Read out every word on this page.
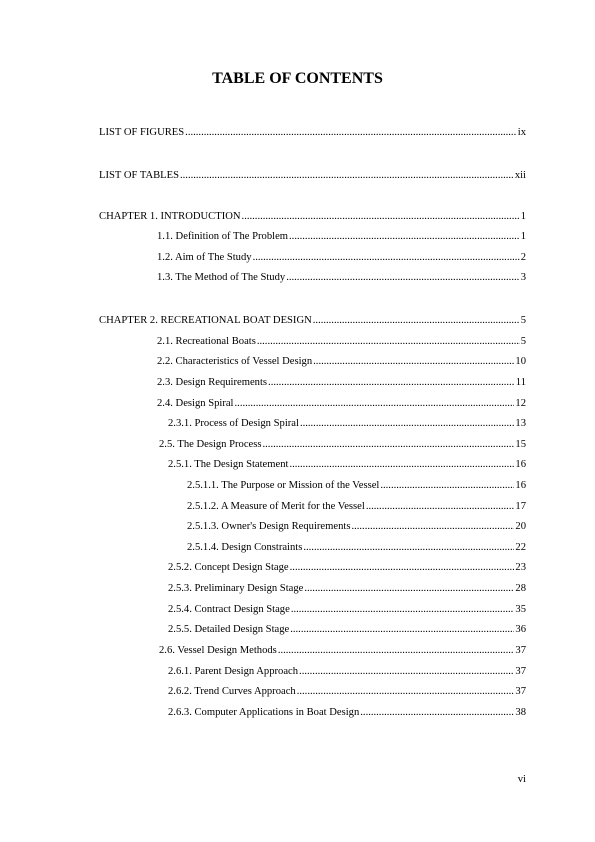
TABLE OF CONTENTS
LIST OF FIGURES .....	ix
LIST OF TABLES .....	xii
CHAPTER 1. INTRODUCTION .....	1
1.1. Definition of The Problem .....	1
1.2. Aim of The Study .....	2
1.3. The Method of The Study .....	3
CHAPTER 2. RECREATIONAL BOAT DESIGN .....	5
2.1. Recreational Boats .....	5
2.2. Characteristics of Vessel Design .....	10
2.3. Design Requirements .....	11
2.4. Design Spiral .....	12
2.3.1. Process of Design Spiral .....	13
2.5. The Design Process .....	15
2.5.1. The Design Statement .....	16
2.5.1.1. The Purpose or Mission of the Vessel .....	16
2.5.1.2. A Measure of Merit for the Vessel .....	17
2.5.1.3. Owner's Design Requirements .....	20
2.5.1.4. Design Constraints .....	22
2.5.2. Concept Design Stage .....	23
2.5.3. Preliminary Design Stage .....	28
2.5.4. Contract Design Stage .....	35
2.5.5. Detailed Design Stage .....	36
2.6. Vessel Design Methods .....	37
2.6.1. Parent Design Approach .....	37
2.6.2. Trend Curves Approach .....	37
2.6.3. Computer Applications in Boat Design .....	38
vi
